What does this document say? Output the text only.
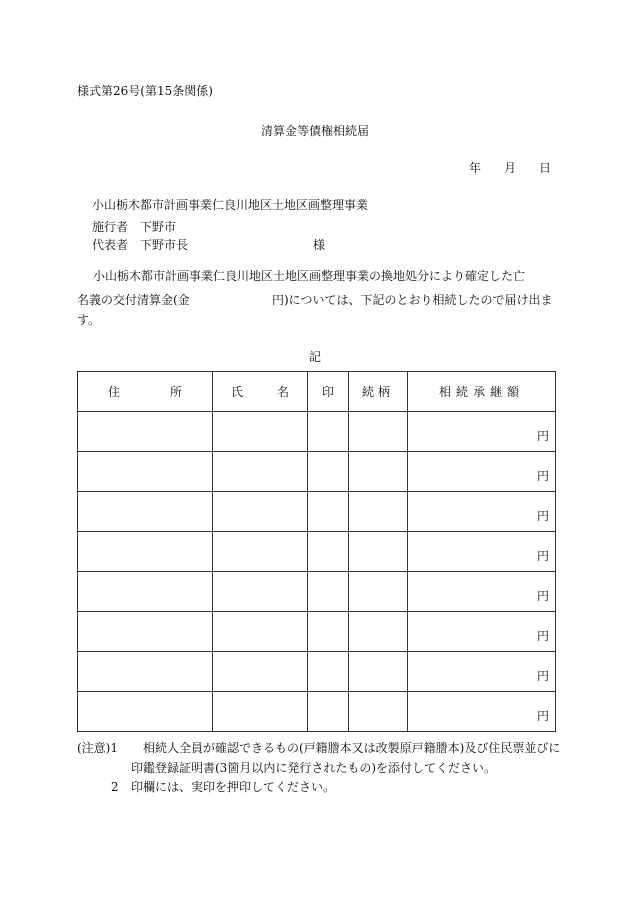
様式第26号(第15条関係)
清算金等債権相続届
年 月 日
小山栃木都市計画事業仁良川地区土地区画整理事業
施行者　下野市
代表者　下野市長	様
小山栃木都市計画事業仁良川地区土地区画整理事業の換地処分により確定した亡
名義の交付清算金(金	円)については、下記のとおり相続したので届け出ま
す。
記
住 所	氏 名	印	続柄	相続承継額
				円
				円
				円
				円
				円
				円
				円
				円
(注意)1 相続人全員が確認できるもの(戸籍謄本又は改製原戸籍謄本)及び住民票並びに
印鑑登録証明書(3箇月以内に発行されたもの)を添付してください。
2 印欄には、実印を押印してください。
